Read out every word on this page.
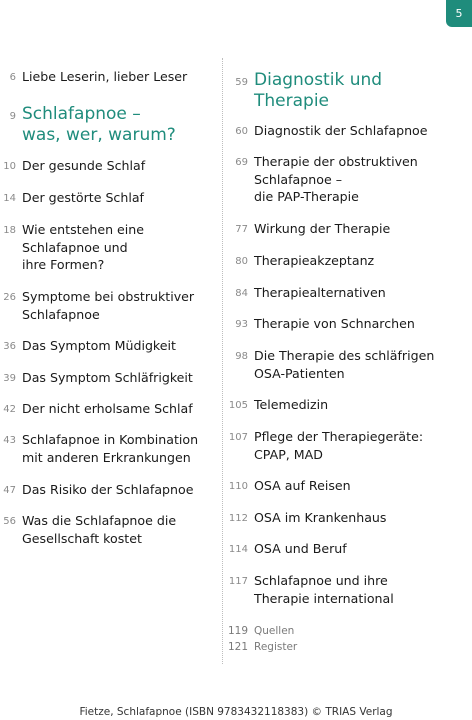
5
6 Liebe Leserin, lieber Leser
9 Schlafapnoe –
was, wer, warum?
10 Der gesunde Schlaf
14 Der gestörte Schlaf
18 Wie entstehen eine
Schlafapnoe und
ihre Formen?
26 Symptome bei obstruktiver
Schlafapnoe
36 Das Symptom Müdigkeit
39 Das Symptom Schläfrigkeit
42 Der nicht erholsame Schlaf
43 Schlafapnoe in Kombination
mit anderen Erkrankungen
47 Das Risiko der Schlafapnoe
56 Was die Schlafapnoe die
Gesellschaft kostet
59 Diagnostik und
Therapie
60 Diagnostik der Schlafapnoe
69 Therapie der obstruktiven
Schlafapnoe –
die PAP-Therapie
77 Wirkung der Therapie
80 Therapieakzeptanz
84 Therapiealternativen
93 Therapie von Schnarchen
98 Die Therapie des schläfrigen
OSA-Patienten
105 Telemedizin
107 Pflege der Therapiegeräte:
CPAP, MAD
110 OSA auf Reisen
112 OSA im Krankenhaus
114 OSA und Beruf
117 Schlafapnoe und ihre
Therapie international
119 Quellen
121 Register
Fietze, Schlafapnoe (ISBN 9783432118383) © TRIAS Verlag
